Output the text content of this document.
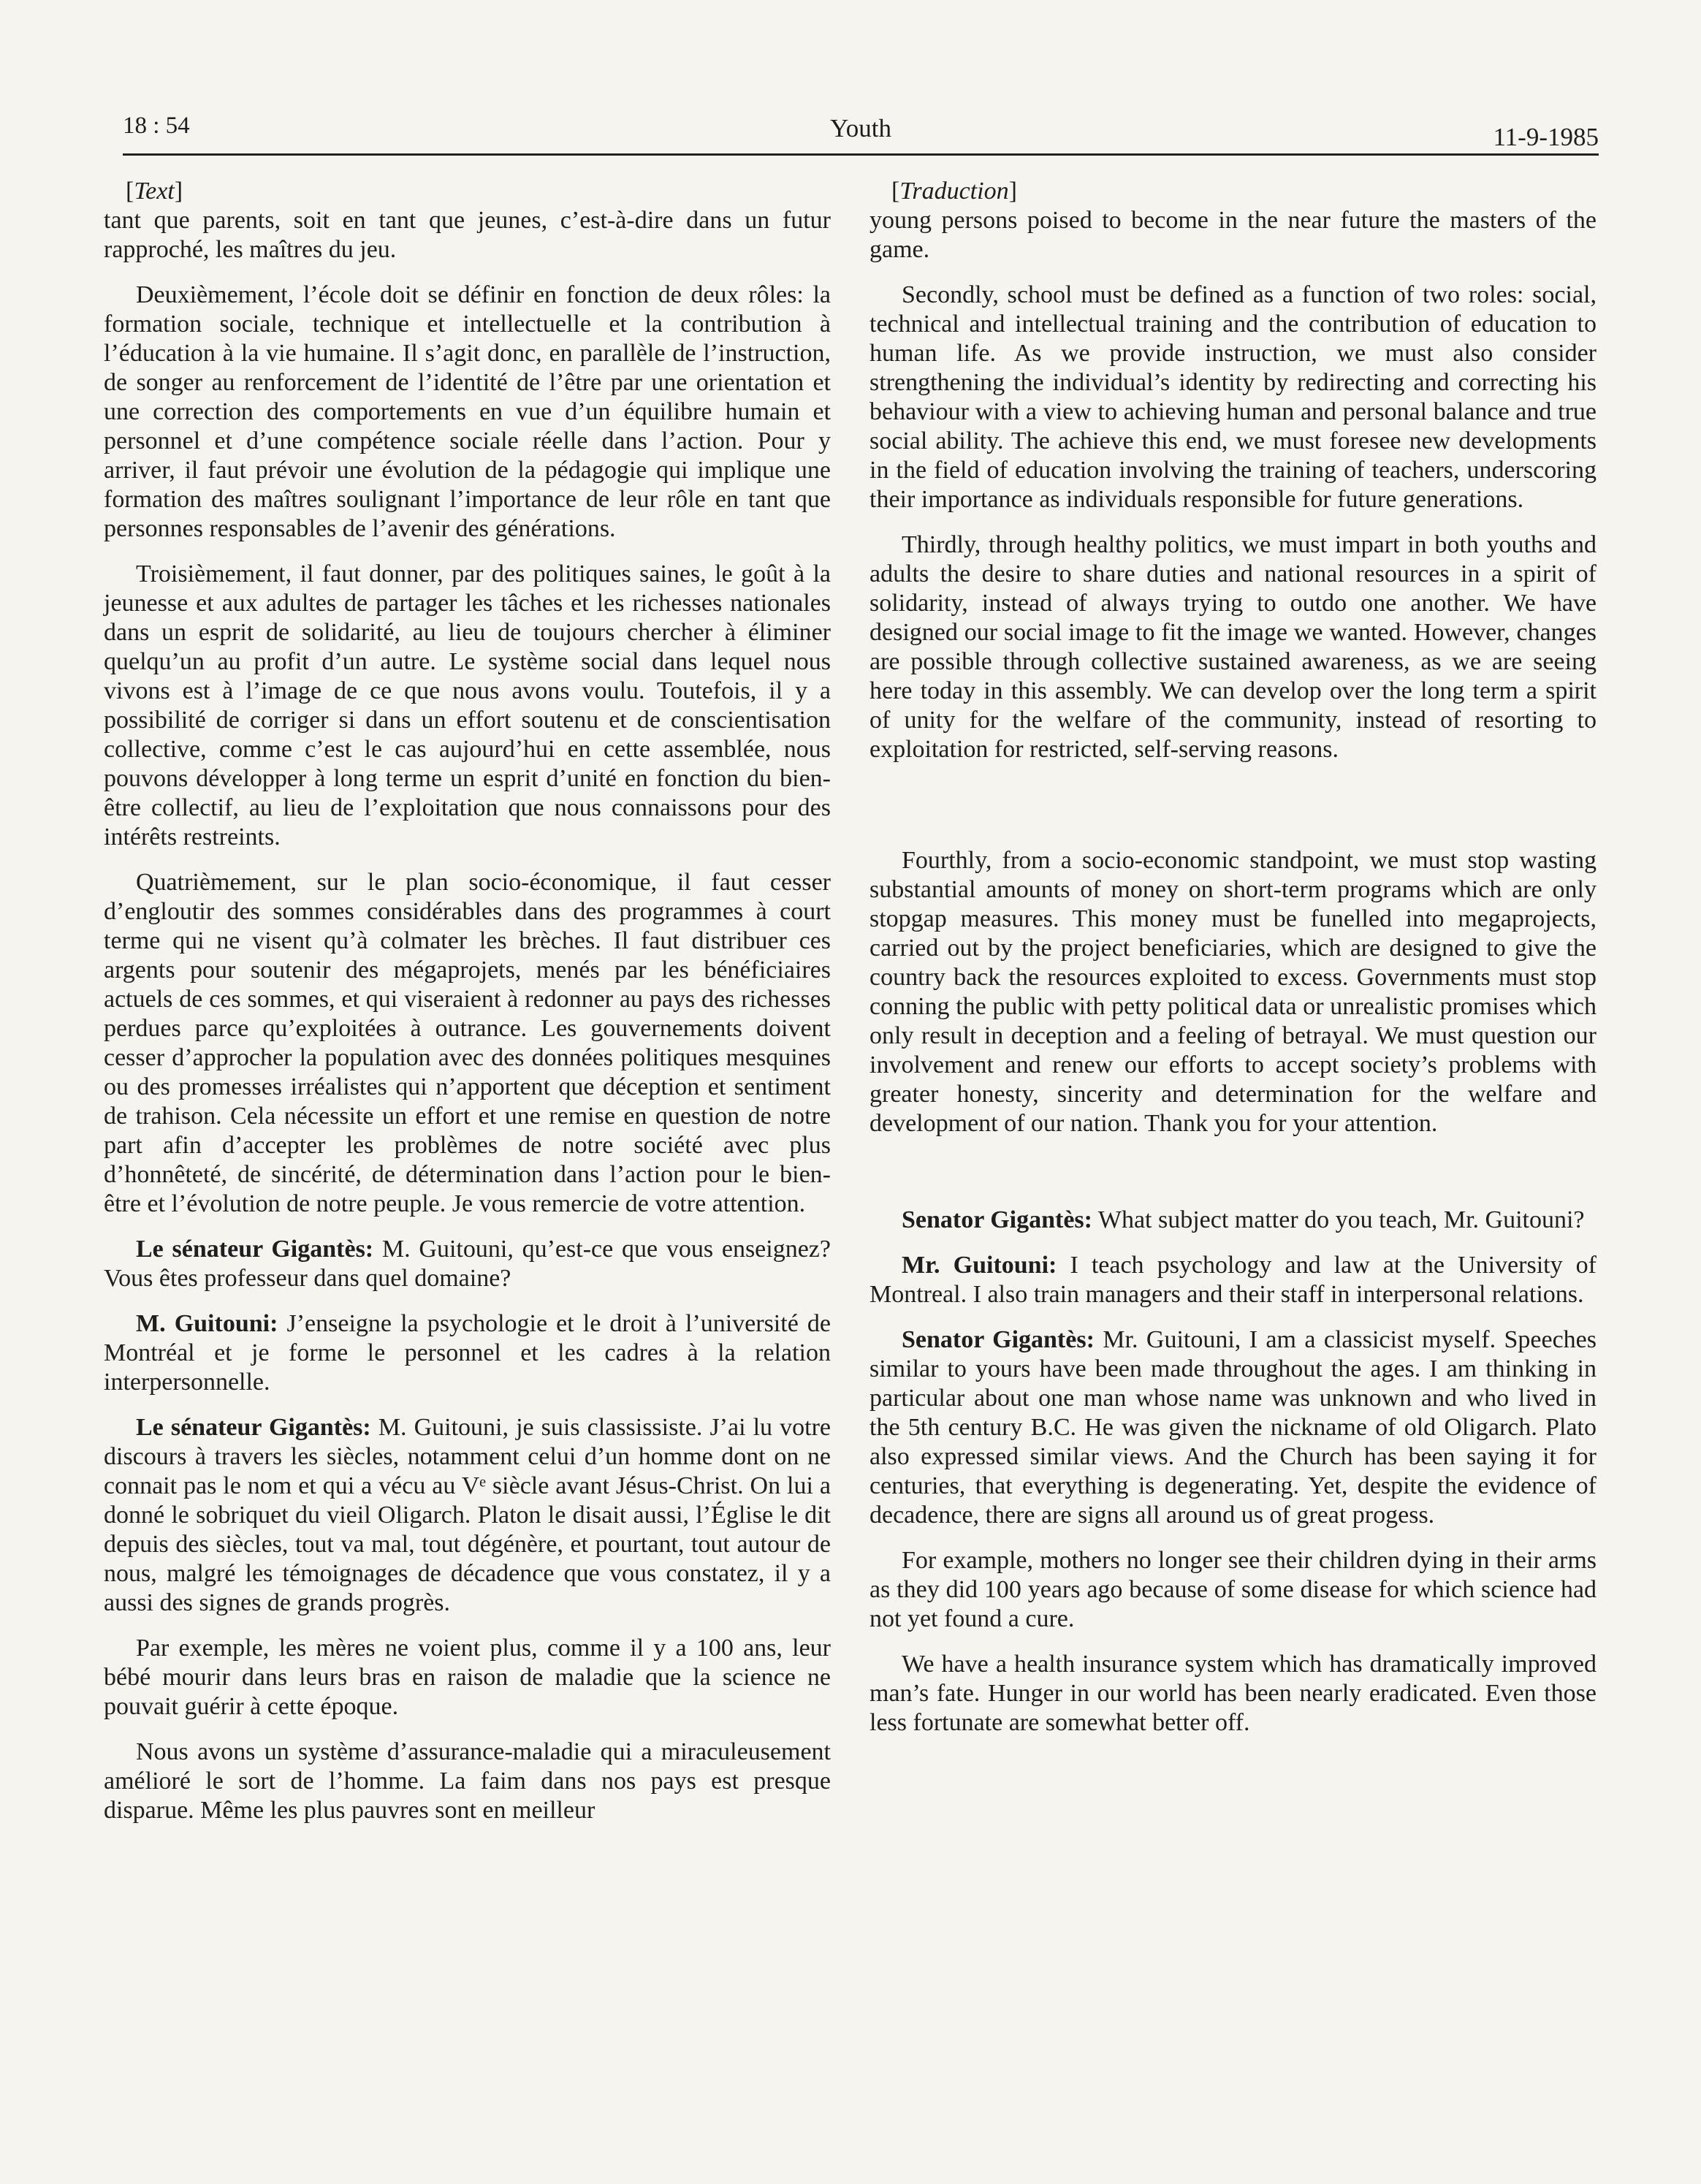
18 : 54	Youth	11-9-1985
[Text]

tant que parents, soit en tant que jeunes, c’est-à-dire dans un futur rapproché, les maîtres du jeu.

Deuxièmement, l’école doit se définir en fonction de deux rôles: la formation sociale, technique et intellectuelle et la contribution à l’éducation à la vie humaine. Il s’agit donc, en parallèle de l’instruction, de songer au renforcement de l’identité de l’être par une orientation et une correction des comportements en vue d’un équilibre humain et personnel et d’une compétence sociale réelle dans l’action. Pour y arriver, il faut prévoir une évolution de la pédagogie qui implique une formation des maîtres soulignant l’importance de leur rôle en tant que personnes responsables de l’avenir des générations.

Troisièmement, il faut donner, par des politiques saines, le goût à la jeunesse et aux adultes de partager les tâches et les richesses nationales dans un esprit de solidarité, au lieu de toujours chercher à éliminer quelqu’un au profit d’un autre. Le système social dans lequel nous vivons est à l’image de ce que nous avons voulu. Toutefois, il y a possibilité de corriger si dans un effort soutenu et de conscientisation collective, comme c’est le cas aujourd’hui en cette assemblée, nous pouvons développer à long terme un esprit d’unité en fonction du bien-être collectif, au lieu de l’exploitation que nous connaissons pour des intérêts restreints.

Quatrièmement, sur le plan socio-économique, il faut cesser d’engloutir des sommes considérables dans des programmes à court terme qui ne visent qu’à colmater les brèches. Il faut distribuer ces argents pour soutenir des mégaprojets, menés par les bénéficiaires actuels de ces sommes, et qui viseraient à redonner au pays des richesses perdues parce qu’exploitées à outrance. Les gouvernements doivent cesser d’approcher la population avec des données politiques mesquines ou des promesses irréalistes qui n’apportent que déception et sentiment de trahison. Cela nécessite un effort et une remise en question de notre part afin d’accepter les problèmes de notre société avec plus d’honnêteté, de sincérité, de détermination dans l’action pour le bien-être et l’évolution de notre peuple. Je vous remercie de votre attention.

Le sénateur Gigantès: M. Guitouni, qu’est-ce que vous enseignez? Vous êtes professeur dans quel domaine?

M. Guitouni: J’enseigne la psychologie et le droit à l’université de Montréal et je forme le personnel et les cadres à la relation interpersonnelle.

Le sénateur Gigantès: M. Guitouni, je suis classissiste. J’ai lu votre discours à travers les siècles, notamment celui d’un homme dont on ne connait pas le nom et qui a vécu au Vᵉ siècle avant Jésus-Christ. On lui a donné le sobriquet du vieil Oligarch. Platon le disait aussi, l’Église le dit depuis des siècles, tout va mal, tout dégénère, et pourtant, tout autour de nous, malgré les témoignages de décadence que vous constatez, il y a aussi des signes de grands progrès.

Par exemple, les mères ne voient plus, comme il y a 100 ans, leur bébé mourir dans leurs bras en raison de maladie que la science ne pouvait guérir à cette époque.

Nous avons un système d’assurance-maladie qui a miraculeusement amélioré le sort de l’homme. La faim dans nos pays est presque disparue. Même les plus pauvres sont en meilleur

[Traduction]

young persons poised to become in the near future the masters of the game.

Secondly, school must be defined as a function of two roles: social, technical and intellectual training and the contribution of education to human life. As we provide instruction, we must also consider strengthening the individual’s identity by redirecting and correcting his behaviour with a view to achieving human and personal balance and true social ability. The achieve this end, we must foresee new developments in the field of education involving the training of teachers, underscoring their importance as individuals responsible for future generations.

Thirdly, through healthy politics, we must impart in both youths and adults the desire to share duties and national resources in a spirit of solidarity, instead of always trying to outdo one another. We have designed our social image to fit the image we wanted. However, changes are possible through collective sustained awareness, as we are seeing here today in this assembly. We can develop over the long term a spirit of unity for the welfare of the community, instead of resorting to exploitation for restricted, self-serving reasons.

Fourthly, from a socio-economic standpoint, we must stop wasting substantial amounts of money on short-term programs which are only stopgap measures. This money must be funelled into megaprojects, carried out by the project beneficiaries, which are designed to give the country back the resources exploited to excess. Governments must stop conning the public with petty political data or unrealistic promises which only result in deception and a feeling of betrayal. We must question our involvement and renew our efforts to accept society’s problems with greater honesty, sincerity and determination for the welfare and development of our nation. Thank you for your attention.

Senator Gigantès: What subject matter do you teach, Mr. Guitouni?

Mr. Guitouni: I teach psychology and law at the University of Montreal. I also train managers and their staff in interpersonal relations.

Senator Gigantès: Mr. Guitouni, I am a classicist myself. Speeches similar to yours have been made throughout the ages. I am thinking in particular about one man whose name was unknown and who lived in the 5th century B.C. He was given the nickname of old Oligarch. Plato also expressed similar views. And the Church has been saying it for centuries, that everything is degenerating. Yet, despite the evidence of decadence, there are signs all around us of great progess.

For example, mothers no longer see their children dying in their arms as they did 100 years ago because of some disease for which science had not yet found a cure.

We have a health insurance system which has dramatically improved man’s fate. Hunger in our world has been nearly eradicated. Even those less fortunate are somewhat better off.
